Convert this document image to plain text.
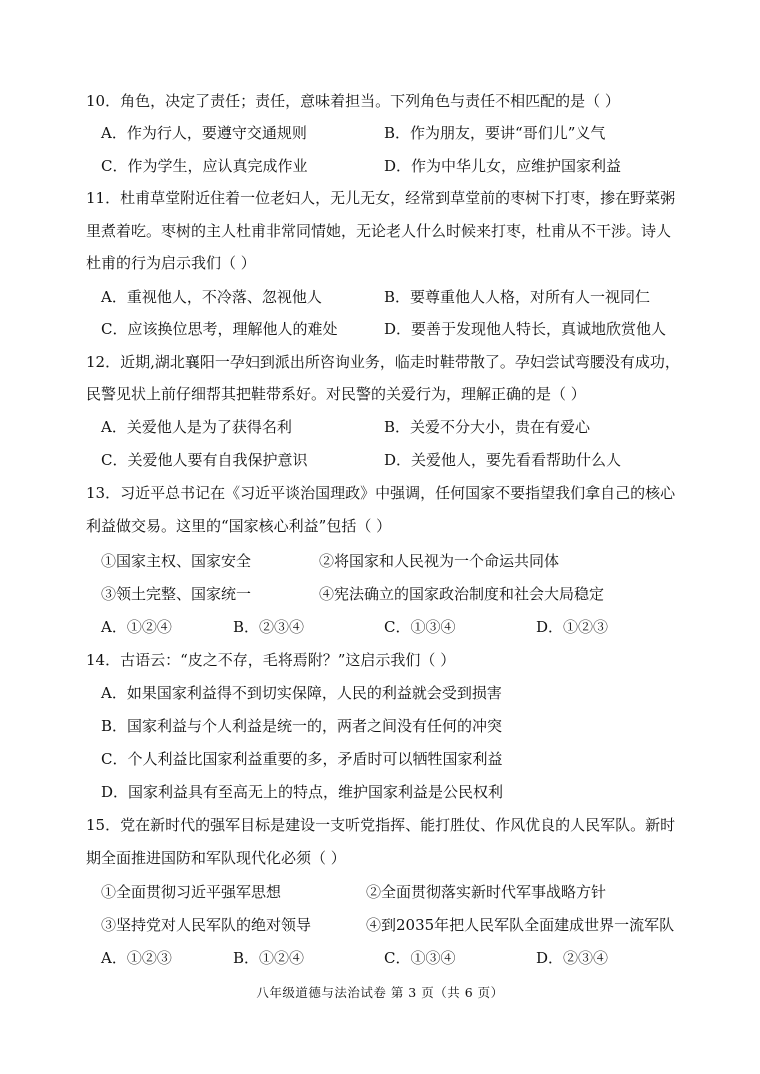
10．角色，决定了责任；责任，意味着担当。下列角色与责任不相匹配的是（ ）
A．作为行人，要遵守交通规则	B．作为朋友，要讲“哥们儿”义气
C．作为学生，应认真完成作业	D．作为中华儿女，应维护国家利益
11．杜甫草堂附近住着一位老妇人，无儿无女，经常到草堂前的枣树下打枣，掺在野菜粥
里煮着吃。枣树的主人杜甫非常同情她，无论老人什么时候来打枣，杜甫从不干涉。诗人
杜甫的行为启示我们（ ）
A．重视他人，不冷落、忽视他人	B．要尊重他人人格，对所有人一视同仁
C．应该换位思考，理解他人的难处	D．要善于发现他人特长，真诚地欣赏他人
12．近期,湖北襄阳一孕妇到派出所咨询业务，临走时鞋带散了。孕妇尝试弯腰没有成功，
民警见状上前仔细帮其把鞋带系好。对民警的关爱行为，理解正确的是（ ）
A．关爱他人是为了获得名利	B．关爱不分大小，贵在有爱心
C．关爱他人要有自我保护意识	D．关爱他人，要先看看帮助什么人
13．习近平总书记在《习近平谈治国理政》中强调，任何国家不要指望我们拿自己的核心
利益做交易。这里的“国家核心利益”包括（ ）
①国家主权、国家安全	②将国家和人民视为一个命运共同体
③领土完整、国家统一	④宪法确立的国家政治制度和社会大局稳定
A．①②④	B．②③④	C．①③④	D．①②③
14．古语云：“皮之不存，毛将焉附？”这启示我们（ ）
A．如果国家利益得不到切实保障，人民的利益就会受到损害
B．国家利益与个人利益是统一的，两者之间没有任何的冲突
C．个人利益比国家利益重要的多，矛盾时可以牺牲国家利益
D．国家利益具有至高无上的特点，维护国家利益是公民权利
15．党在新时代的强军目标是建设一支听党指挥、能打胜仗、作风优良的人民军队。新时
期全面推进国防和军队现代化必须（ ）
①全面贯彻习近平强军思想	②全面贯彻落实新时代军事战略方针
③坚持党对人民军队的绝对领导	④到2035年把人民军队全面建成世界一流军队
A．①②③	B．①②④	C．①③④	D．②③④
八年级道德与法治试卷 第 3 页（共 6 页）
